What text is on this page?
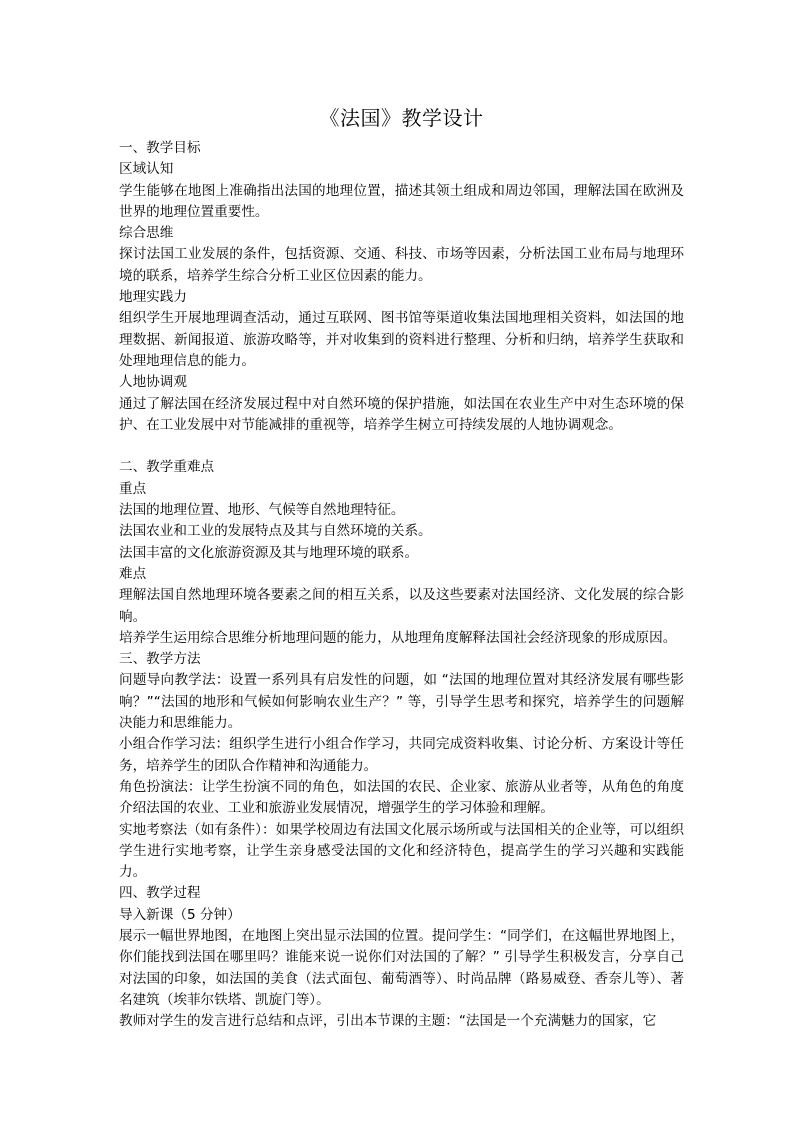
《法国》教学设计

一、教学目标

区域认知

学生能够在地图上准确指出法国的地理位置，描述其领土组成和周边邻国，理解法国在欧洲及世界的地理位置重要性。

综合思维

探讨法国工业发展的条件，包括资源、交通、科技、市场等因素，分析法国工业布局与地理环境的联系，培养学生综合分析工业区位因素的能力。

地理实践力

组织学生开展地理调查活动，通过互联网、图书馆等渠道收集法国地理相关资料，如法国的地理数据、新闻报道、旅游攻略等，并对收集到的资料进行整理、分析和归纳，培养学生获取和处理地理信息的能力。

人地协调观

通过了解法国在经济发展过程中对自然环境的保护措施，如法国在农业生产中对生态环境的保护、在工业发展中对节能减排的重视等，培养学生树立可持续发展的人地协调观念。

二、教学重难点

重点

法国的地理位置、地形、气候等自然地理特征。

法国农业和工业的发展特点及其与自然环境的关系。

法国丰富的文化旅游资源及其与地理环境的联系。

难点

理解法国自然地理环境各要素之间的相互关系，以及这些要素对法国经济、文化发展的综合影响。

培养学生运用综合思维分析地理问题的能力，从地理角度解释法国社会经济现象的形成原因。

三、教学方法

问题导向教学法：设置一系列具有启发性的问题，如 “法国的地理位置对其经济发展有哪些影响？”“法国的地形和气候如何影响农业生产？” 等，引导学生思考和探究，培养学生的问题解决能力和思维能力。

小组合作学习法：组织学生进行小组合作学习，共同完成资料收集、讨论分析、方案设计等任务，培养学生的团队合作精神和沟通能力。

角色扮演法：让学生扮演不同的角色，如法国的农民、企业家、旅游从业者等，从角色的角度介绍法国的农业、工业和旅游业发展情况，增强学生的学习体验和理解。

实地考察法（如有条件）：如果学校周边有法国文化展示场所或与法国相关的企业等，可以组织学生进行实地考察，让学生亲身感受法国的文化和经济特色，提高学生的学习兴趣和实践能力。

四、教学过程

导入新课（5 分钟）

展示一幅世界地图，在地图上突出显示法国的位置。提问学生：“同学们，在这幅世界地图上，你们能找到法国在哪里吗？谁能来说一说你们对法国的了解？” 引导学生积极发言，分享自己对法国的印象，如法国的美食（法式面包、葡萄酒等）、时尚品牌（路易威登、香奈儿等）、著名建筑（埃菲尔铁塔、凯旋门等）。

教师对学生的发言进行总结和点评，引出本节课的主题：“法国是一个充满魅力的国家，它
